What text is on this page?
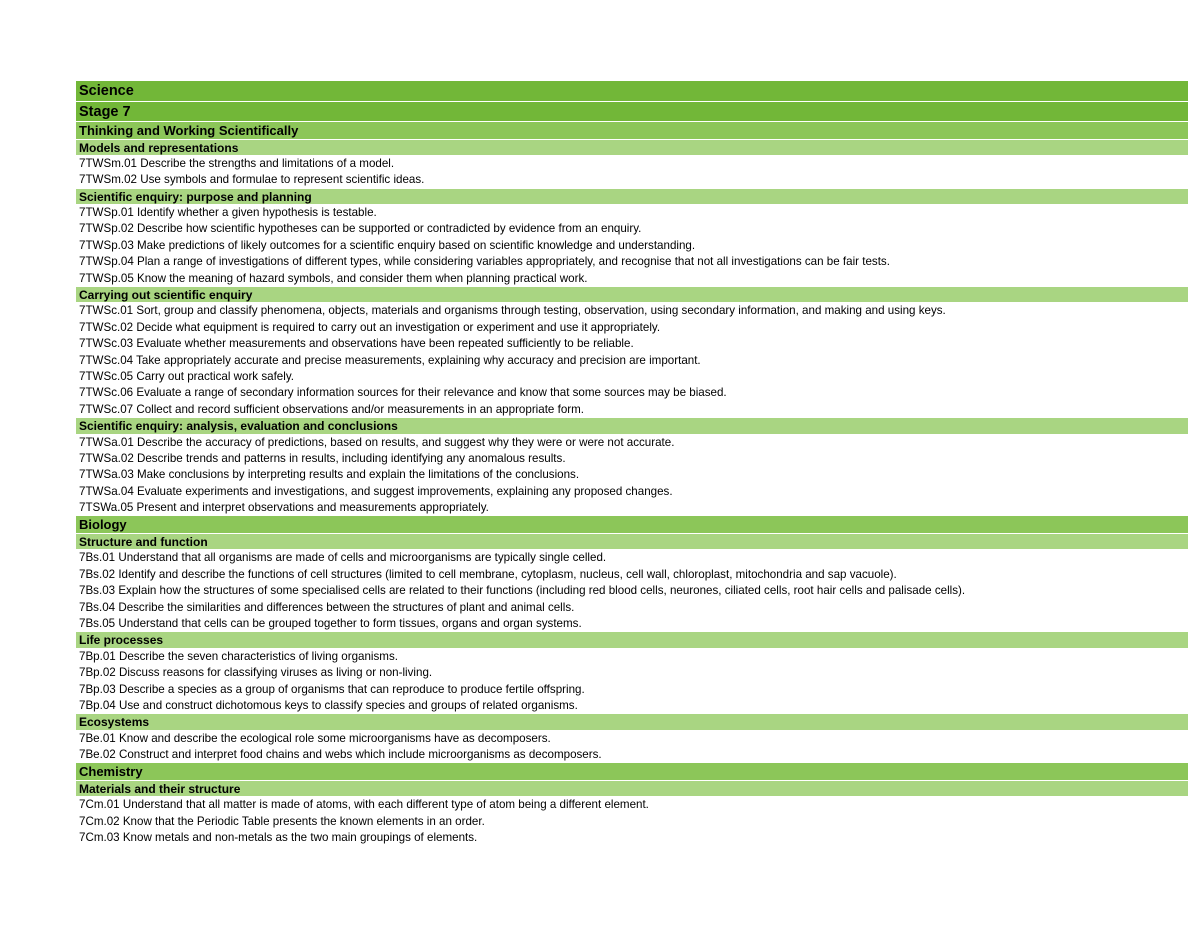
Science
Stage 7
Thinking and Working Scientifically
Models and representations
7TWSm.01 Describe the strengths and limitations of a model.
7TWSm.02 Use symbols and formulae to represent scientific ideas.
Scientific enquiry: purpose and planning
7TWSp.01 Identify whether a given hypothesis is testable.
7TWSp.02 Describe how scientific hypotheses can be supported or contradicted by evidence from an enquiry.
7TWSp.03 Make predictions of likely outcomes for a scientific enquiry based on scientific knowledge and understanding.
7TWSp.04 Plan a range of investigations of different types, while considering variables appropriately, and recognise that not all investigations can be fair tests.
7TWSp.05 Know the meaning of hazard symbols, and consider them when planning practical work.
Carrying out scientific enquiry
7TWSc.01 Sort, group and classify phenomena, objects, materials and organisms through testing, observation, using secondary information, and making and using keys.
7TWSc.02 Decide what equipment is required to carry out an investigation or experiment and use it appropriately.
7TWSc.03 Evaluate whether measurements and observations have been repeated sufficiently to be reliable.
7TWSc.04 Take appropriately accurate and precise measurements, explaining why accuracy and precision are important.
7TWSc.05 Carry out practical work safely.
7TWSc.06 Evaluate a range of secondary information sources for their relevance and know that some sources may be biased.
7TWSc.07 Collect and record sufficient observations and/or measurements in an appropriate form.
Scientific enquiry: analysis, evaluation and conclusions
7TWSa.01 Describe the accuracy of predictions, based on results, and suggest why they were or were not accurate.
7TWSa.02 Describe trends and patterns in results, including identifying any anomalous results.
7TWSa.03 Make conclusions by interpreting results and explain the limitations of the conclusions.
7TWSa.04 Evaluate experiments and investigations, and suggest improvements, explaining any proposed changes.
7TSWa.05 Present and interpret observations and measurements appropriately.
Biology
Structure and function
7Bs.01 Understand that all organisms are made of cells and microorganisms are typically single celled.
7Bs.02 Identify and describe the functions of cell structures (limited to cell membrane, cytoplasm, nucleus, cell wall, chloroplast, mitochondria and sap vacuole).
7Bs.03 Explain how the structures of some specialised cells are related to their functions (including red blood cells, neurones, ciliated cells, root hair cells and palisade cells).
7Bs.04 Describe the similarities and differences between the structures of plant and animal cells.
7Bs.05 Understand that cells can be grouped together to form tissues, organs and organ systems.
Life processes
7Bp.01 Describe the seven characteristics of living organisms.
7Bp.02 Discuss reasons for classifying viruses as living or non-living.
7Bp.03 Describe a species as a group of organisms that can reproduce to produce fertile offspring.
7Bp.04 Use and construct dichotomous keys to classify species and groups of related organisms.
Ecosystems
7Be.01 Know and describe the ecological role some microorganisms have as decomposers.
7Be.02 Construct and interpret food chains and webs which include microorganisms as decomposers.
Chemistry
Materials and their structure
7Cm.01 Understand that all matter is made of atoms, with each different type of atom being a different element.
7Cm.02 Know that the Periodic Table presents the known elements in an order.
7Cm.03 Know metals and non-metals as the two main groupings of elements.
